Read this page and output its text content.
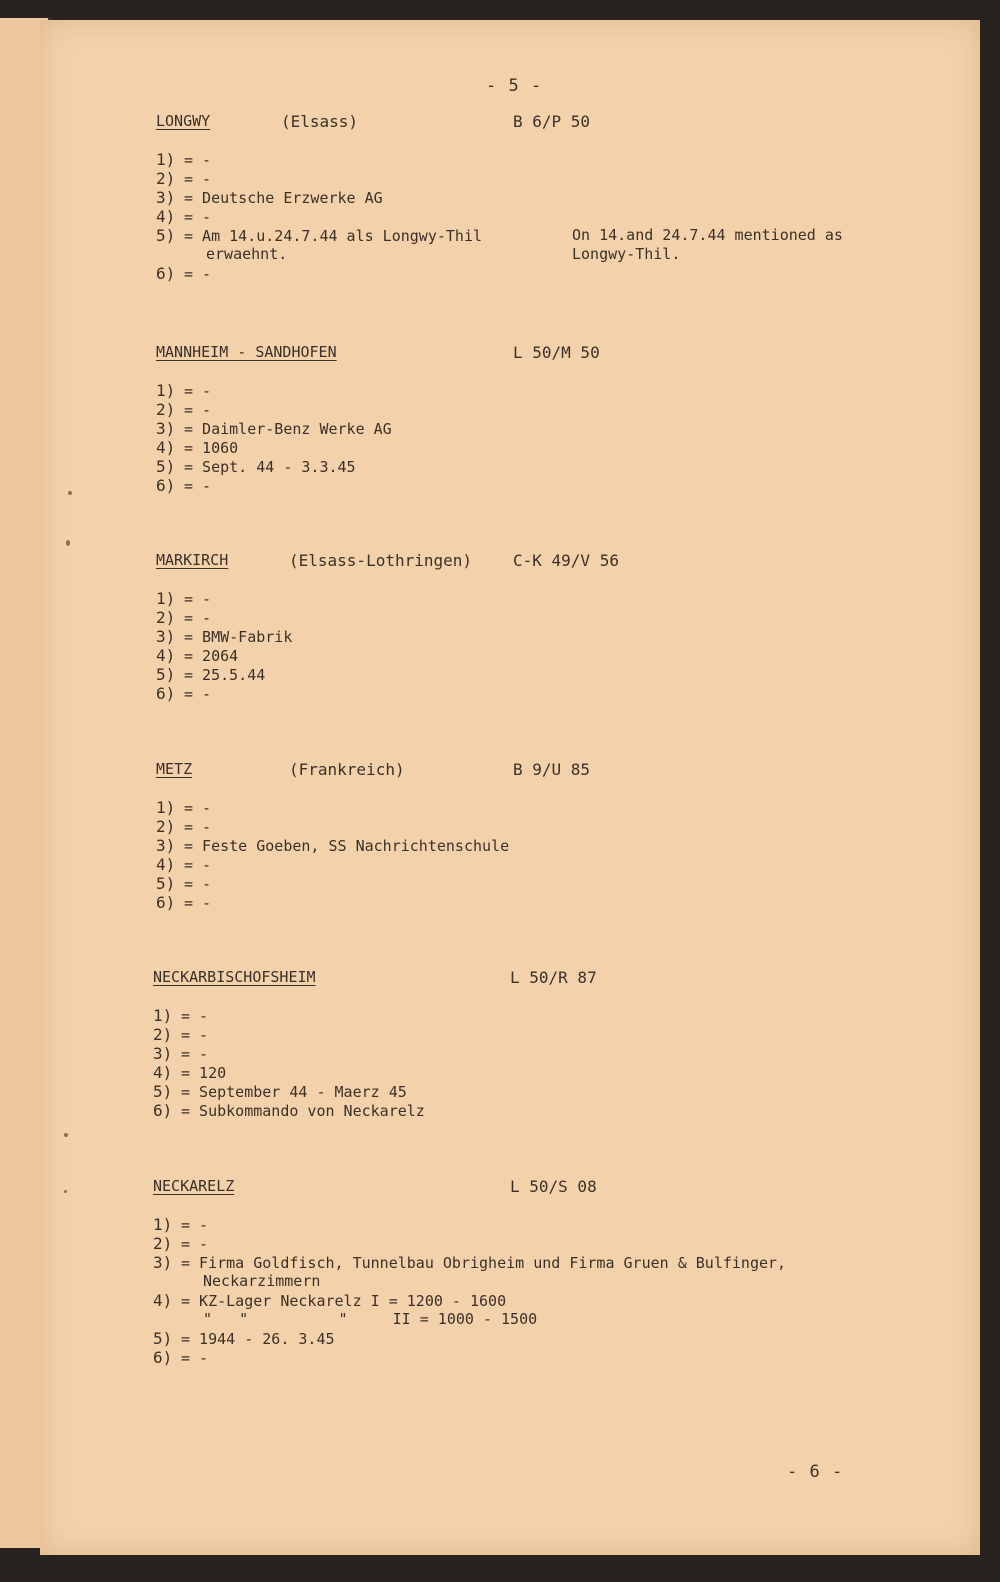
- 5 -
LONGWY	(Elsass)	B 6/P 50
1) = -
2) = -
3) = Deutsche Erzwerke AG
4) = -
5) = Am 14.u.24.7.44 als Longwy-Thil	On 14.and 24.7.44 mentioned as Longwy-Thil.
erwaehnt.
6) = -
MANNHEIM - SANDHOFEN	L 50/M 50
1) = -
2) = -
3) = Daimler-Benz Werke AG
4) = 1060
5) = Sept. 44 - 3.3.45
6) = -
MARKIRCH	(Elsass-Lothringen)	C-K 49/V 56
1) = -
2) = -
3) = BMW-Fabrik
4) = 2064
5) = 25.5.44
6) = -
METZ	(Frankreich)	B 9/U 85
1) = -
2) = -
3) = Feste Goeben, SS Nachrichtenschule
4) = -
5) = -
6) = -
NECKARBISCHOFSHEIM	L 50/R 87
1) = -
2) = -
3) = -
4) = 120
5) = September 44 - Maerz 45
6) = Subkommando von Neckarelz
NECKARELZ	L 50/S 08
1) = -
2) = -
3) = Firma Goldfisch, Tunnelbau Obrigheim und Firma Gruen & Bulfinger,
Neckarzimmern
4) = KZ-Lager Neckarelz I = 1200 - 1600
"   "          "     II = 1000 - 1500
5) = 1944 - 26. 3.45
6) = -
- 6 -
